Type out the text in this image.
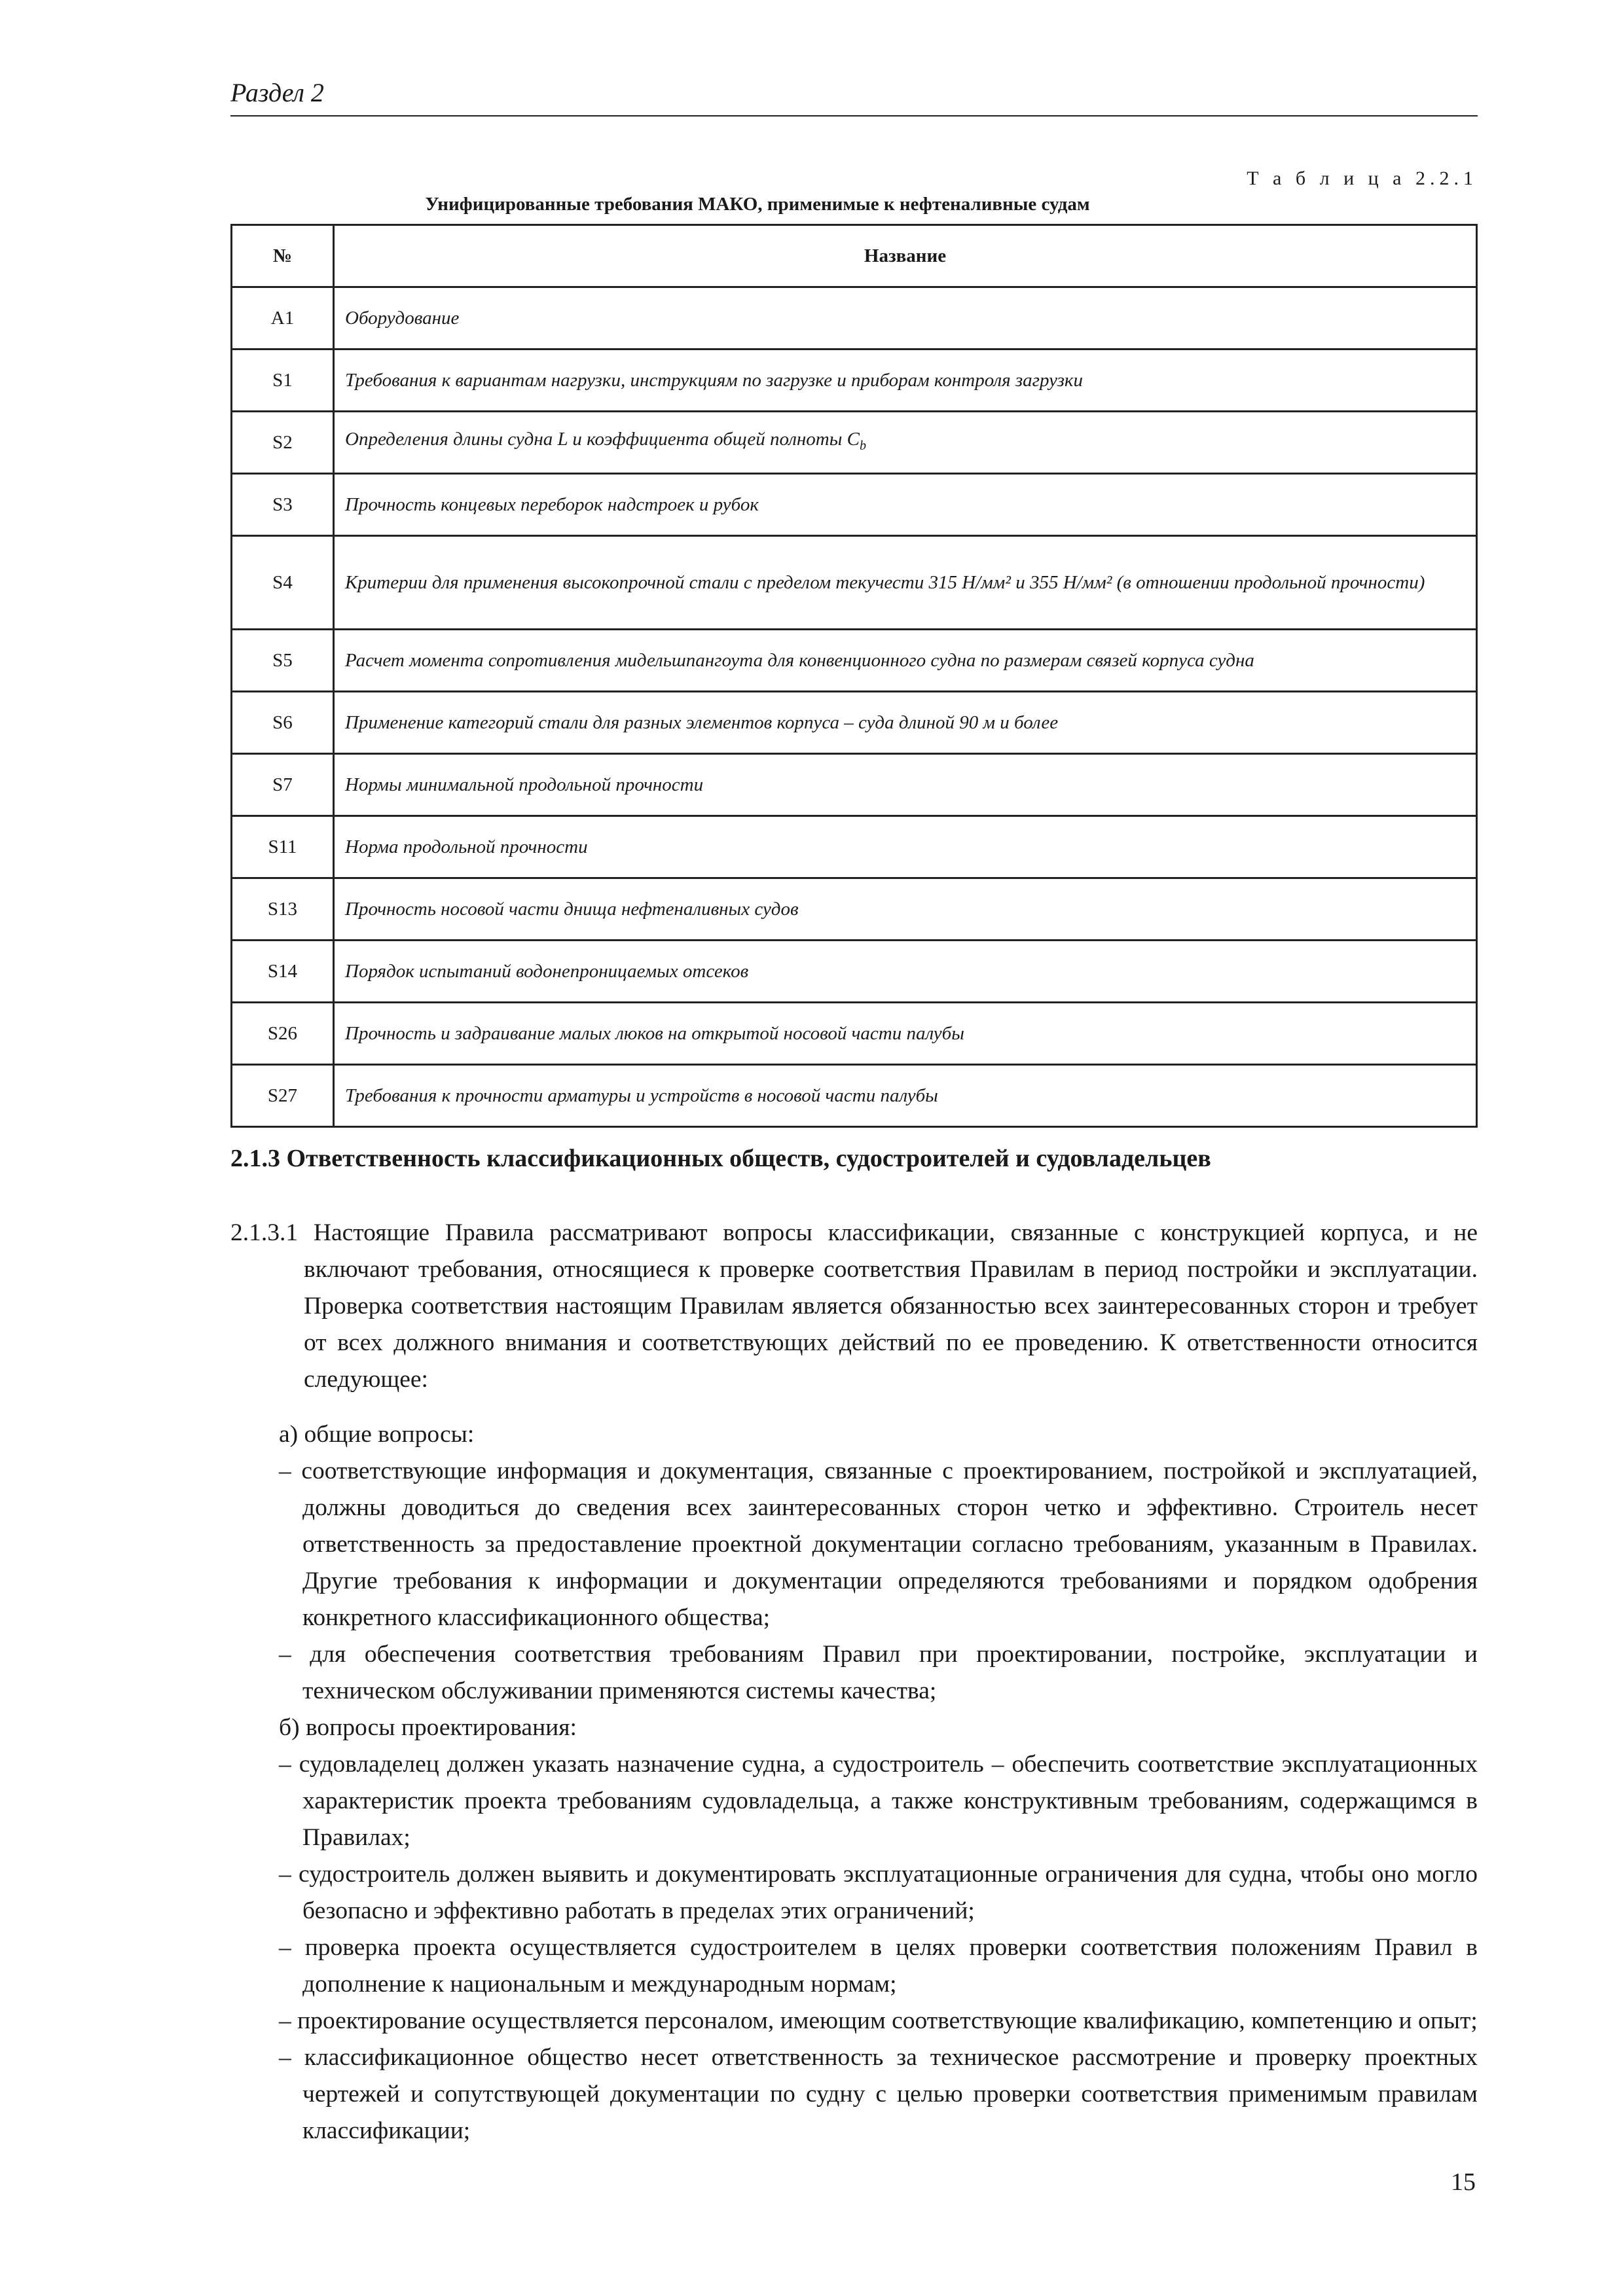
Раздел 2
Т а б л и ц а 2.2.1
Унифицированные требования МАКО, применимые к нефтеналивные судам
№	Название
A1	Оборудование
S1	Требования к вариантам нагрузки, инструкциям по загрузке и приборам контроля загрузки
S2	Определения длины судна L и коэффициента общей полноты $C_b$
S3	Прочность концевых переборок надстроек и рубок
S4	Критерии для применения высокопрочной стали с пределом текучести 315 Н/мм² и 355 Н/мм² (в отношении продольной прочности)
S5	Расчет момента сопротивления мидельшпангоута для конвенционного судна по размерам связей корпуса судна
S6	Применение категорий стали для разных элементов корпуса – суда длиной 90 м и более
S7	Нормы минимальной продольной прочности
S11	Норма продольной прочности
S13	Прочность носовой части днища нефтеналивных судов
S14	Порядок испытаний водонепроницаемых отсеков
S26	Прочность и задраивание малых люков на открытой носовой части палубы
S27	Требования к прочности арматуры и устройств в носовой части палубы
2.1.3 Ответственность классификационных обществ, судостроителей и судовладельцев
2.1.3.1 Настоящие Правила рассматривают вопросы классификации, связанные с конструкцией корпуса, и не включают требования, относящиеся к проверке соответствия Правилам в период постройки и эксплуатации. Проверка соответствия настоящим Правилам является обязанностью всех заинтересованных сторон и требует от всех должного внимания и соответствующих действий по ее проведению. К ответственности относится следующее:

а) общие вопросы:

– соответствующие информация и документация, связанные с проектированием, постройкой и эксплуатацией, должны доводиться до сведения всех заинтересованных сторон четко и эффективно. Строитель несет ответственность за предоставление проектной документации согласно требованиям, указанным в Правилах. Другие требования к информации и документации определяются требованиями и порядком одобрения конкретного классификационного общества;

– для обеспечения соответствия требованиям Правил при проектировании, постройке, эксплуатации и техническом обслуживании применяются системы качества;

б) вопросы проектирования:

– судовладелец должен указать назначение судна, а судостроитель – обеспечить соответствие эксплуатационных характеристик проекта требованиям судовладельца, а также конструктивным требованиям, содержащимся в Правилах;

– судостроитель должен выявить и документировать эксплуатационные ограничения для судна, чтобы оно могло безопасно и эффективно работать в пределах этих ограничений;

– проверка проекта осуществляется судостроителем в целях проверки соответствия положениям Правил в дополнение к национальным и международным нормам;

– проектирование осуществляется персоналом, имеющим соответствующие квалификацию, компетенцию и опыт;

– классификационное общество несет ответственность за техническое рассмотрение и проверку проектных чертежей и сопутствующей документации по судну с целью проверки соответствия применимым правилам классификации;

15
